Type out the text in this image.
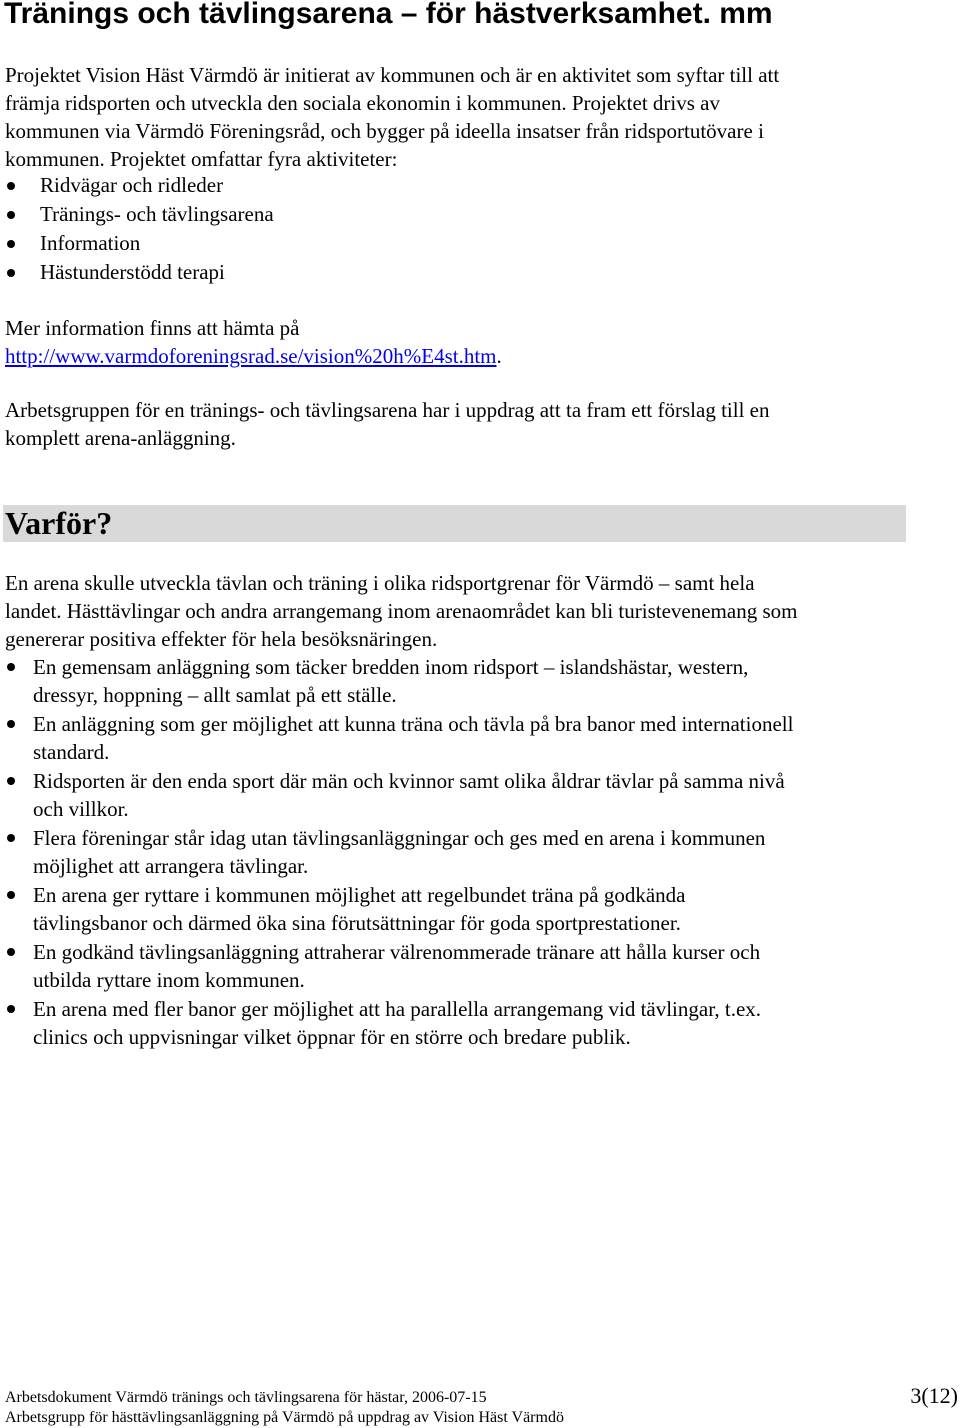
Tränings och tävlingsarena – för hästverksamhet. mm

Projektet Vision Häst Värmdö är initierat av kommunen och är en aktivitet som syftar till att
främja ridsporten och utveckla den sociala ekonomin i kommunen. Projektet drivs av
kommunen via Värmdö Föreningsråd, och bygger på ideella insatser från ridsportutövare i
kommunen. Projektet omfattar fyra aktiviteter:

Ridvägar och ridleder
Tränings- och tävlingsarena
Information
Hästunderstödd terapi

Mer information finns att hämta på
http://www.varmdoforeningsrad.se/vision%20h%E4st.htm.

Arbetsgruppen för en tränings- och tävlingsarena har i uppdrag att ta fram ett förslag till en
komplett arena-anläggning.

Varför?

En arena skulle utveckla tävlan och träning i olika ridsportgrenar för Värmdö – samt hela
landet. Hästtävlingar och andra arrangemang inom arenaområdet kan bli turistevenemang som
genererar positiva effekter för hela besöksnäringen.

En gemensam anläggning som täcker bredden inom ridsport – islandshästar, western,
dressyr, hoppning – allt samlat på ett ställe.
En anläggning som ger möjlighet att kunna träna och tävla på bra banor med internationell
standard.
Ridsporten är den enda sport där män och kvinnor samt olika åldrar tävlar på samma nivå
och villkor.
Flera föreningar står idag utan tävlingsanläggningar och ges med en arena i kommunen
möjlighet att arrangera tävlingar.
En arena ger ryttare i kommunen möjlighet att regelbundet träna på godkända
tävlingsbanor och därmed öka sina förutsättningar för goda sportprestationer.
En godkänd tävlingsanläggning attraherar välrenommerade tränare att hålla kurser och
utbilda ryttare inom kommunen.
En arena med fler banor ger möjlighet att ha parallella arrangemang vid tävlingar, t.ex.
clinics och uppvisningar vilket öppnar för en större och bredare publik.
Arbetsdokument Värmdö tränings och tävlingsarena för hästar, 2006-07-15
Arbetsgrupp för hästtävlingsanläggning på Värmdö på uppdrag av Vision Häst Värmdö
3(12)
